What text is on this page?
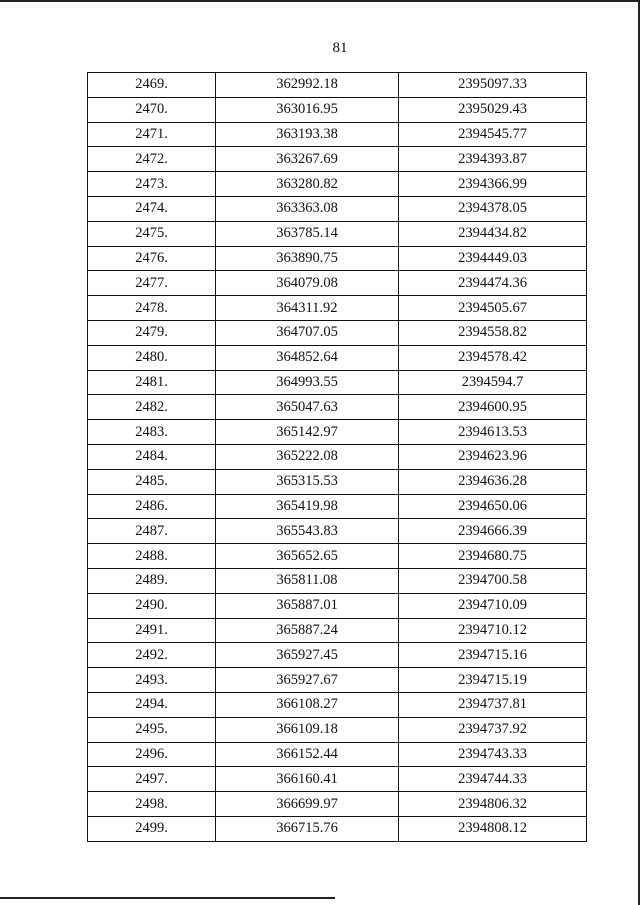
81
2469.	362992.18	2395097.33
2470.	363016.95	2395029.43
2471.	363193.38	2394545.77
2472.	363267.69	2394393.87
2473.	363280.82	2394366.99
2474.	363363.08	2394378.05
2475.	363785.14	2394434.82
2476.	363890.75	2394449.03
2477.	364079.08	2394474.36
2478.	364311.92	2394505.67
2479.	364707.05	2394558.82
2480.	364852.64	2394578.42
2481.	364993.55	2394594.7
2482.	365047.63	2394600.95
2483.	365142.97	2394613.53
2484.	365222.08	2394623.96
2485.	365315.53	2394636.28
2486.	365419.98	2394650.06
2487.	365543.83	2394666.39
2488.	365652.65	2394680.75
2489.	365811.08	2394700.58
2490.	365887.01	2394710.09
2491.	365887.24	2394710.12
2492.	365927.45	2394715.16
2493.	365927.67	2394715.19
2494.	366108.27	2394737.81
2495.	366109.18	2394737.92
2496.	366152.44	2394743.33
2497.	366160.41	2394744.33
2498.	366699.97	2394806.32
2499.	366715.76	2394808.12
